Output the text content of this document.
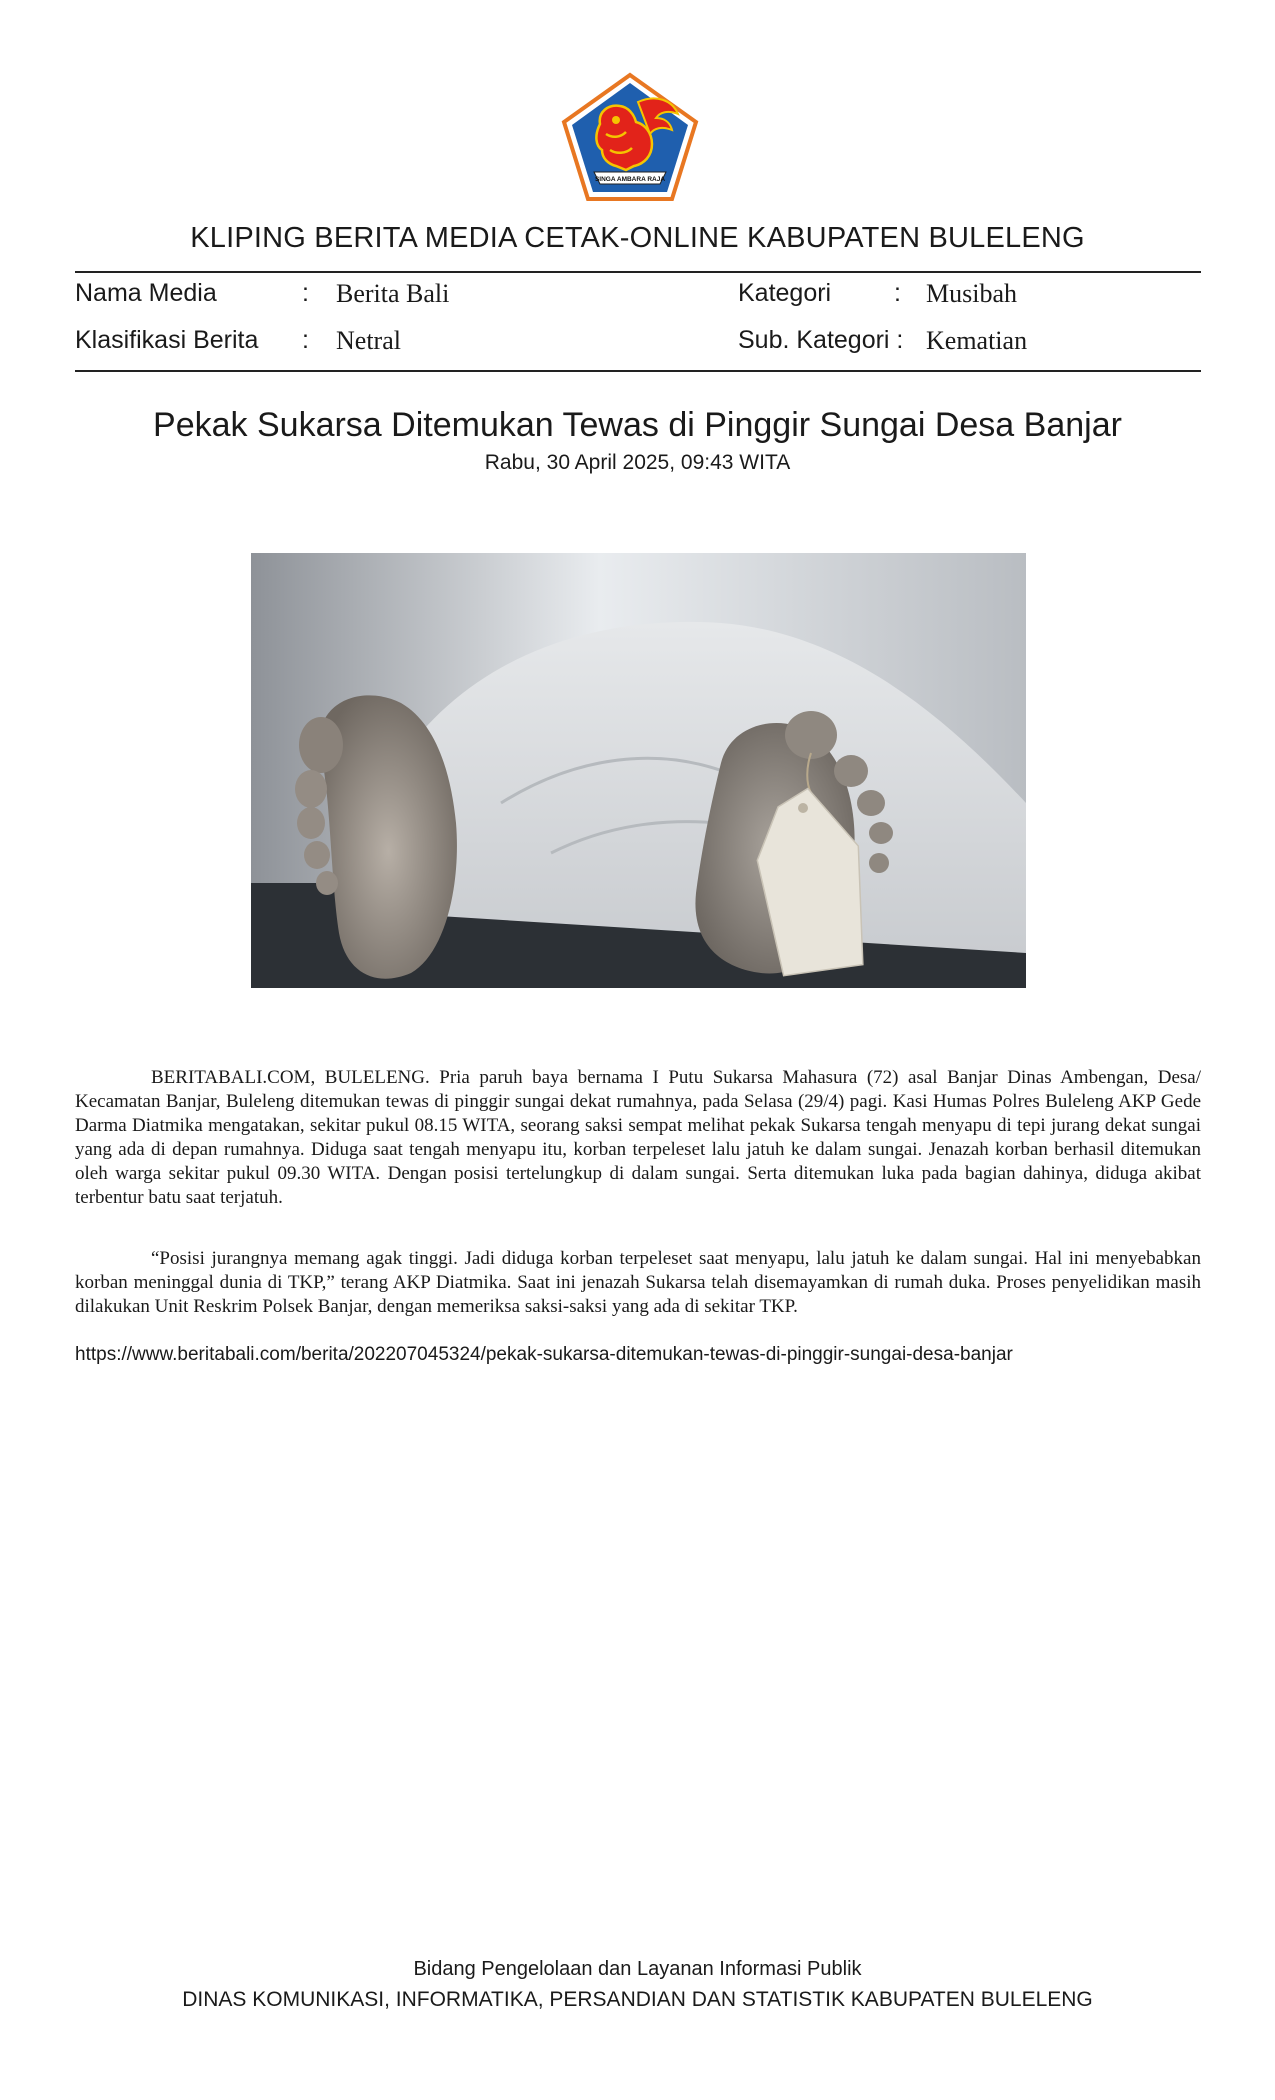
SINGA AMBARA RAJA
KLIPING BERITA MEDIA CETAK-ONLINE KABUPATEN BULELENG
Nama Media	: Berita Bali	Kategori	: Musibah
Klasifikasi Berita : Netral	Sub. Kategori : Kematian
Pekak Sukarsa Ditemukan Tewas di Pinggir Sungai Desa Banjar
Rabu, 30 April 2025, 09:43 WITA

BERITABALI.COM, BULELENG. Pria paruh baya bernama I Putu Sukarsa Mahasura (72) asal Banjar Dinas Ambengan, Desa/ Kecamatan Banjar, Buleleng ditemukan tewas di pinggir sungai dekat rumahnya, pada Selasa (29/4) pagi. Kasi Humas Polres Buleleng AKP Gede Darma Diatmika mengatakan, sekitar pukul 08.15 WITA, seorang saksi sempat melihat pekak Sukarsa tengah menyapu di tepi jurang dekat sungai yang ada di depan rumahnya. Diduga saat tengah menyapu itu, korban terpeleset lalu jatuh ke dalam sungai. Jenazah korban berhasil ditemukan oleh warga sekitar pukul 09.30 WITA. Dengan posisi tertelungkup di dalam sungai. Serta ditemukan luka pada bagian dahinya, diduga akibat terbentur batu saat terjatuh.

“Posisi jurangnya memang agak tinggi. Jadi diduga korban terpeleset saat menyapu, lalu jatuh ke dalam sungai. Hal ini menyebabkan korban meninggal dunia di TKP,” terang AKP Diatmika. Saat ini jenazah Sukarsa telah disemayamkan di rumah duka. Proses penyelidikan masih dilakukan Unit Reskrim Polsek Banjar, dengan memeriksa saksi-saksi yang ada di sekitar TKP.

https://www.beritabali.com/berita/202207045324/pekak-sukarsa-ditemukan-tewas-di-pinggir-sungai-desa-banjar
Bidang Pengelolaan dan Layanan Informasi Publik
DINAS KOMUNIKASI, INFORMATIKA, PERSANDIAN DAN STATISTIK KABUPATEN BULELENG
